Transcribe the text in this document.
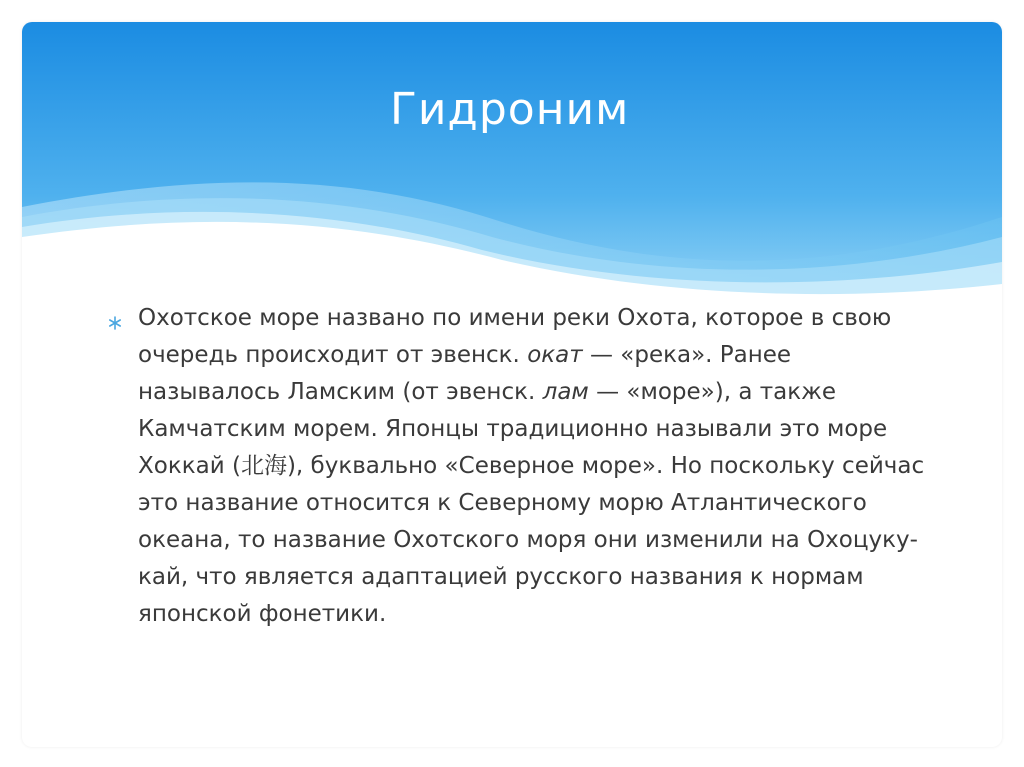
Гидроним

Охотское море названо по имени реки Охота, которое в свою очередь происходит от эвенск. окат — «река». Ранее называлось Ламским (от эвенск. лам — «море»), а также Камчатским морем. Японцы традиционно называли это море Хоккай (北海), буквально «Северное море». Но поскольку сейчас это название относится к Северному морю Атлантического океана, то название Охотского моря они изменили на Охоцуку-кай, что является адаптацией русского названия к нормам японской фонетики.
